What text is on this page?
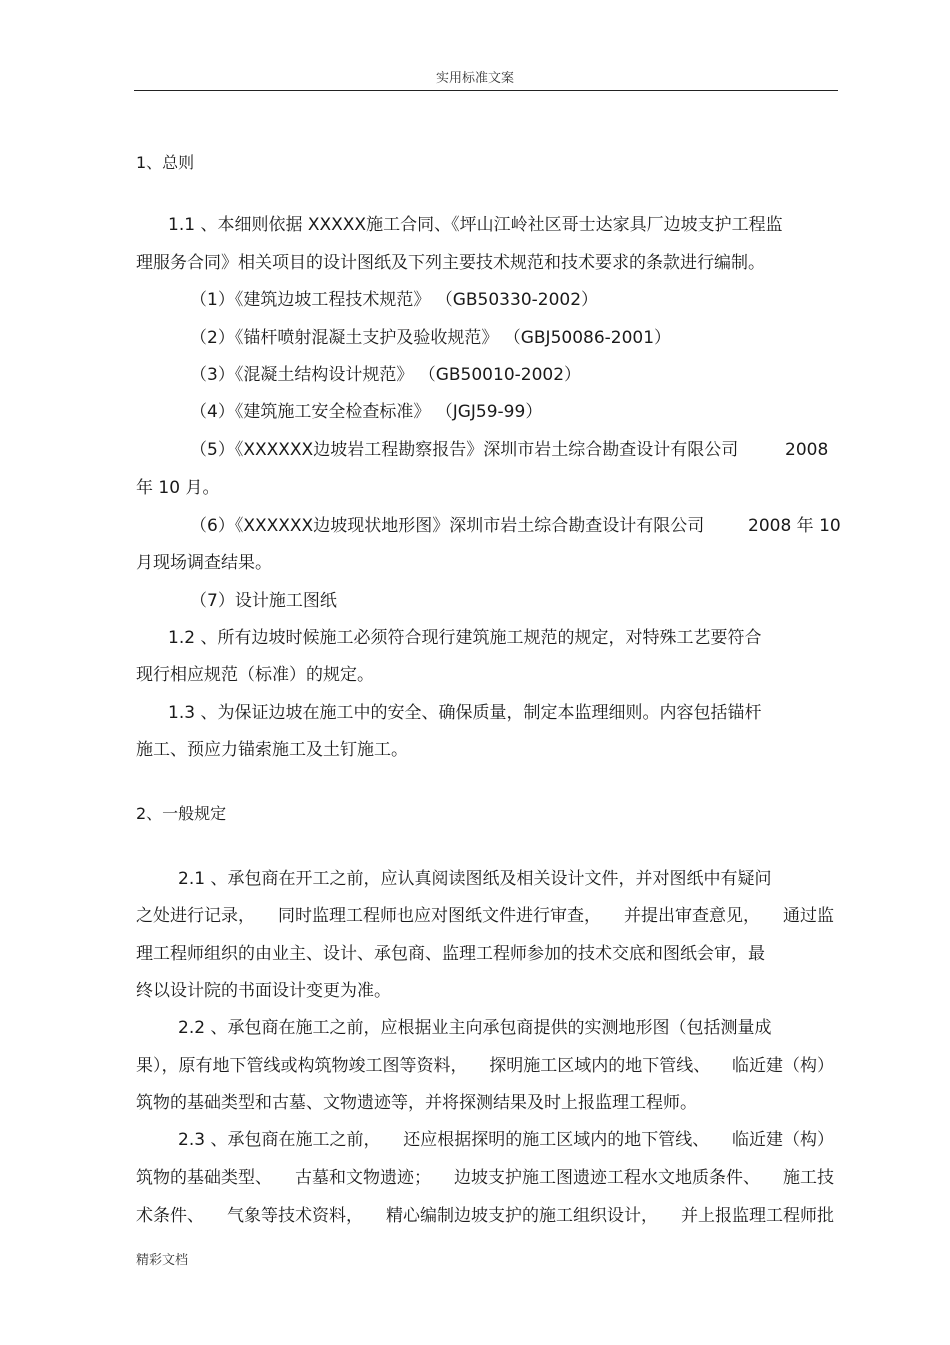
实用标准文案
1、总则
1.1 、本细则依据 XXXXX施工合同、《坪山江岭社区哥士达家具厂边坡支护工程监
理服务合同》相关项目的设计图纸及下列主要技术规范和技术要求的条款进行编制。
（1）《建筑边坡工程技术规范》 （GB50330-2002）
（2）《锚杆喷射混凝土支护及验收规范》 （GBJ50086-2001）
（3）《混凝土结构设计规范》 （GB50010-2002）
（4）《建筑施工安全检查标准》 （JGJ59-99）
（5）《XXXXXX边坡岩工程勘察报告》深圳市岩土综合勘查设计有限公司	2008
年 10 月。
（6）《XXXXXX边坡现状地形图》深圳市岩土综合勘查设计有限公司	2008 年 10
月现场调查结果。
（7）设计施工图纸
1.2 、所有边坡时候施工必须符合现行建筑施工规范的规定，对特殊工艺要符合
现行相应规范（标准）的规定。
1.3 、为保证边坡在施工中的安全、确保质量，制定本监理细则。内容包括锚杆
施工、预应力锚索施工及土钉施工。
2、一般规定
2.1 、承包商在开工之前，应认真阅读图纸及相关设计文件，并对图纸中有疑问
之处进行记录， 同时监理工程师也应对图纸文件进行审查， 并提出审查意见， 通过监
理工程师组织的由业主、设计、承包商、监理工程师参加的技术交底和图纸会审，最
终以设计院的书面设计变更为准。
2.2 、承包商在施工之前，应根据业主向承包商提供的实测地形图（包括测量成
果），原有地下管线或构筑物竣工图等资料， 探明施工区域内的地下管线、 临近建（构）
筑物的基础类型和古墓、文物遗迹等，并将探测结果及时上报监理工程师。
2.3 、承包商在施工之前， 还应根据探明的施工区域内的地下管线、 临近建（构）
筑物的基础类型、 古墓和文物遗迹； 边坡支护施工图遗迹工程水文地质条件、 施工技
术条件、 气象等技术资料， 精心编制边坡支护的施工组织设计， 并上报监理工程师批
精彩文档
